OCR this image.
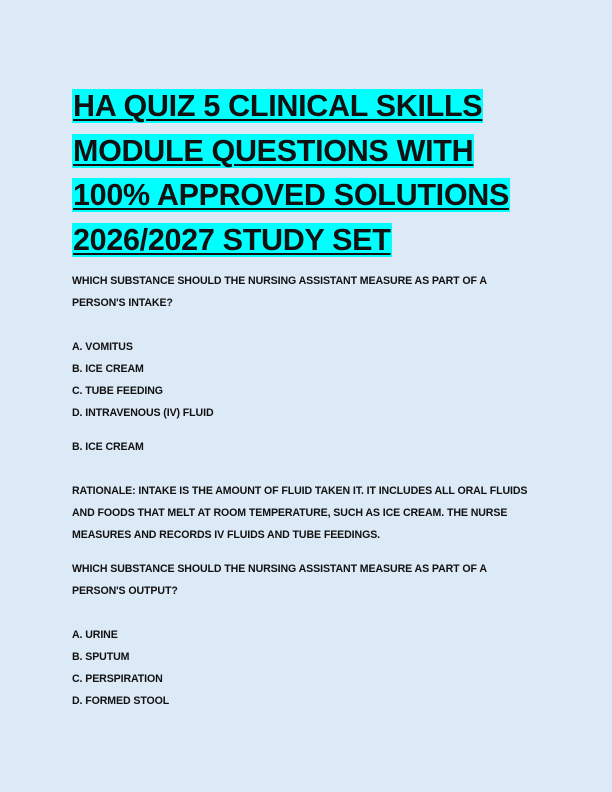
HA QUIZ 5 CLINICAL SKILLS
MODULE QUESTIONS WITH
100% APPROVED SOLUTIONS
2026/2027 STUDY SET

WHICH SUBSTANCE SHOULD THE NURSING ASSISTANT MEASURE AS PART OF A PERSON'S INTAKE?

A. VOMITUS

B. ICE CREAM

C. TUBE FEEDING

D. INTRAVENOUS (IV) FLUID

B. ICE CREAM

RATIONALE: INTAKE IS THE AMOUNT OF FLUID TAKEN IT. IT INCLUDES ALL ORAL FLUIDS AND FOODS THAT MELT AT ROOM TEMPERATURE, SUCH AS ICE CREAM. THE NURSE MEASURES AND RECORDS IV FLUIDS AND TUBE FEEDINGS.

WHICH SUBSTANCE SHOULD THE NURSING ASSISTANT MEASURE AS PART OF A PERSON'S OUTPUT?

A. URINE

B. SPUTUM

C. PERSPIRATION

D. FORMED STOOL
